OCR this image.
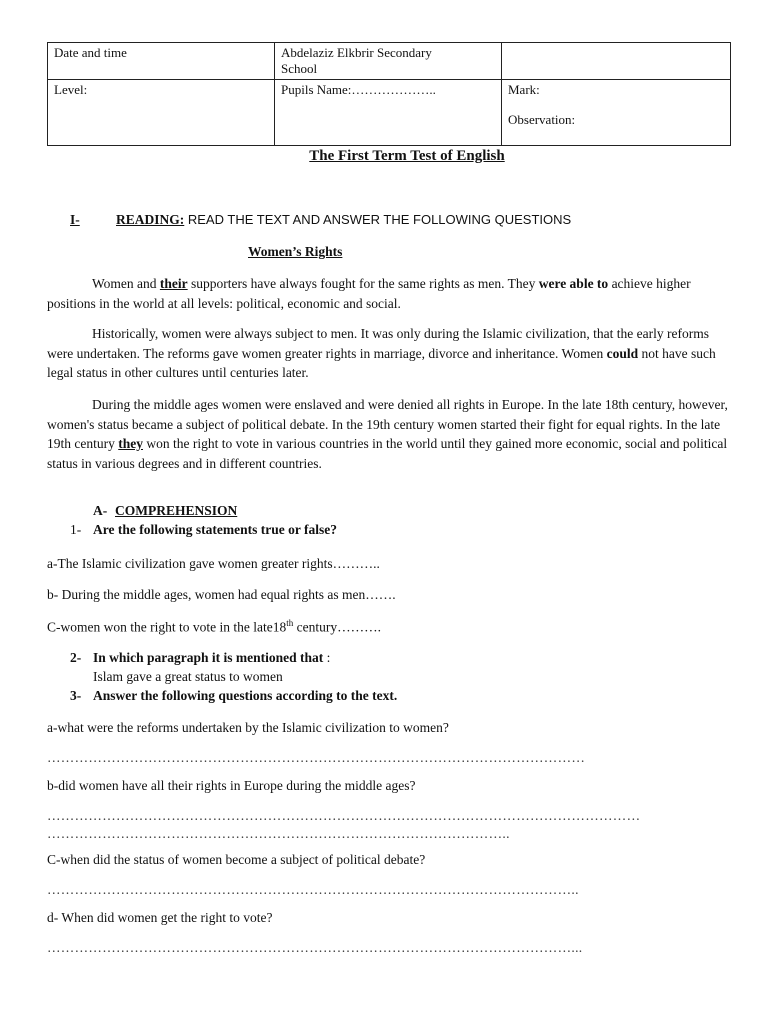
Date and time	Abdelaziz Elkbrir Secondary
School	
Level:	Pupils Name:………………..	Mark:

Observation:
The First Term Test of English
I-	READING: READ THE TEXT AND ANSWER THE FOLLOWING QUESTIONS
Women’s Rights
Women and their supporters have always fought for the same rights as men. They were able to achieve higher positions in the world at all levels: political, economic and social.
Historically, women were always subject to men. It was only during the Islamic civilization, that the early reforms were undertaken. The reforms gave women greater rights in marriage, divorce and inheritance. Women could not have such legal status in other cultures until centuries later.
During the middle ages women were enslaved and were denied all rights in Europe. In the late 18th century, however, women's status became a subject of political debate. In the 19th century women started their fight for equal rights. In the late 19th century they won the right to vote in various countries in the world until they gained more economic, social and political status in various degrees and in different countries.
A- COMPREHENSION
1- Are the following statements true or false?
a-The Islamic civilization gave women greater rights………..
b- During the middle ages, women had equal rights as men…….
C-women won the right to vote in the late18th century……….
2- In which paragraph it is mentioned that :
Islam gave a great status to women
3- Answer the following questions according to the text.
a-what were the reforms undertaken by the Islamic civilization to women?
………………………………………………………………………………………………………
b-did women have all their rights in Europe during the middle ages?
…………………………………………………………………………………………………………………
………………………………………………………………………………………..
C-when did the status of women become a subject of political debate?
……………………………………………………………………………………………………..
d- When did women get the right to vote?
……………………………………………………………………………………………………...
